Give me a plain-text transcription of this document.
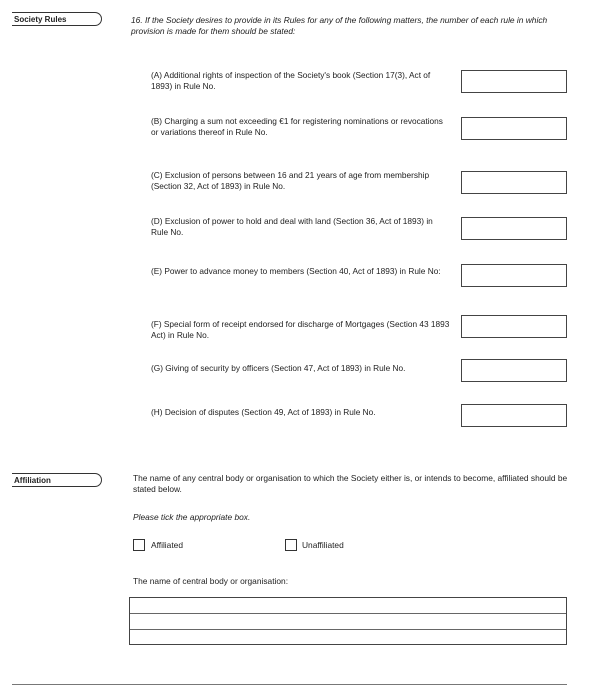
Society Rules	16. If the Society desires to provide in its Rules for any of the following matters, the number of each rule in which provision is made for them should be stated:
(A) Additional rights of inspection of the Society's book (Section 17(3), Act of 1893) in Rule No.
(B) Charging a sum not exceeding €1 for registering nominations or revocations or variations thereof in Rule No.
(C) Exclusion of persons between 16 and 21 years of age from membership (Section 32, Act of 1893) in Rule No.
(D) Exclusion of power to hold and deal with land (Section 36, Act of 1893) in Rule No.
(E) Power to advance money to members (Section 40, Act of 1893) in Rule No:
(F) Special form of receipt endorsed for discharge of Mortgages (Section 43 1893 Act) in Rule No.
(G) Giving of security by officers (Section 47, Act of 1893) in Rule No.
(H) Decision of disputes (Section 49, Act of 1893) in Rule No.
Affiliation	The name of any central body or organisation to which the Society either is, or intends to become, affiliated should be stated below.
Please tick the appropriate box.
Affiliated	Unaffiliated
The name of central body or organisation:
